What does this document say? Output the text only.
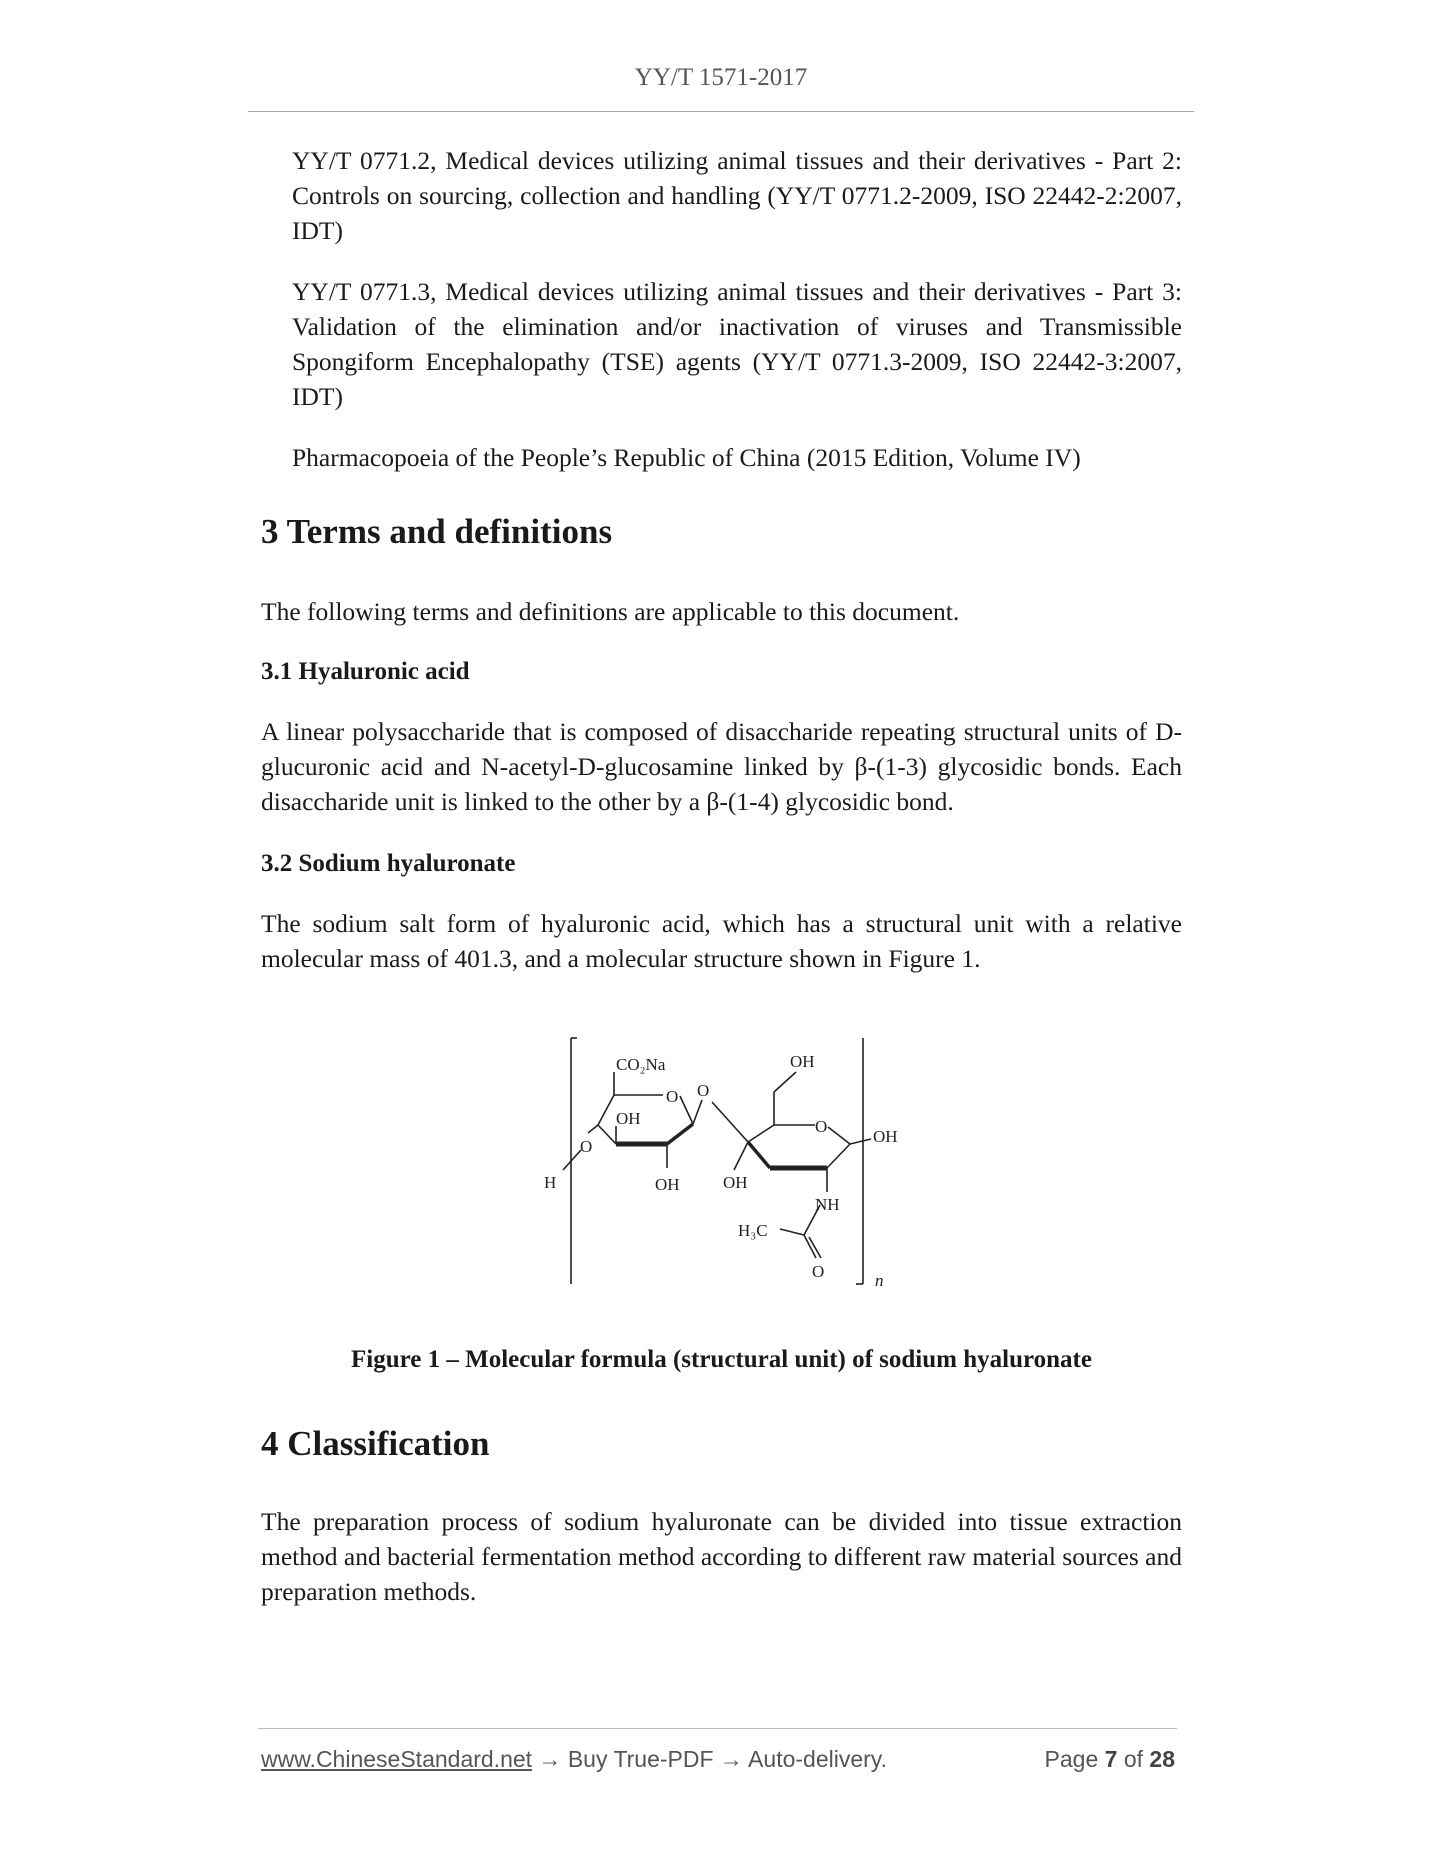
YY/T 1571-2017

YY/T 0771.2, Medical devices utilizing animal tissues and their derivatives - Part 2: Controls on sourcing, collection and handling (YY/T 0771.2-2009, ISO 22442-2:2007, IDT)

YY/T 0771.3, Medical devices utilizing animal tissues and their derivatives - Part 3: Validation of the elimination and/or inactivation of viruses and Transmissible Spongiform Encephalopathy (TSE) agents (YY/T 0771.3-2009, ISO 22442-3:2007, IDT)

Pharmacopoeia of the People’s Republic of China (2015 Edition, Volume IV)

3 Terms and definitions

The following terms and definitions are applicable to this document.

3.1 Hyaluronic acid

A linear polysaccharide that is composed of disaccharide repeating structural units of D-glucuronic acid and N-acetyl-D-glucosamine linked by β-(1-3) glycosidic bonds. Each disaccharide unit is linked to the other by a β-(1-4) glycosidic bond.

3.2 Sodium hyaluronate

The sodium salt form of hyaluronic acid, which has a structural unit with a relative molecular mass of 401.3, and a molecular structure shown in Figure 1.

CO₂Na	OH
O O
OH	O
OH
O
H	OH	OH
NH
H₃C
O	n
Figure 1 – Molecular formula (structural unit) of sodium hyaluronate
4 Classification

The preparation process of sodium hyaluronate can be divided into tissue extraction method and bacterial fermentation method according to different raw material sources and preparation methods.

www.ChineseStandard.net → Buy True-PDF → Auto-delivery.	Page 7 of 28
